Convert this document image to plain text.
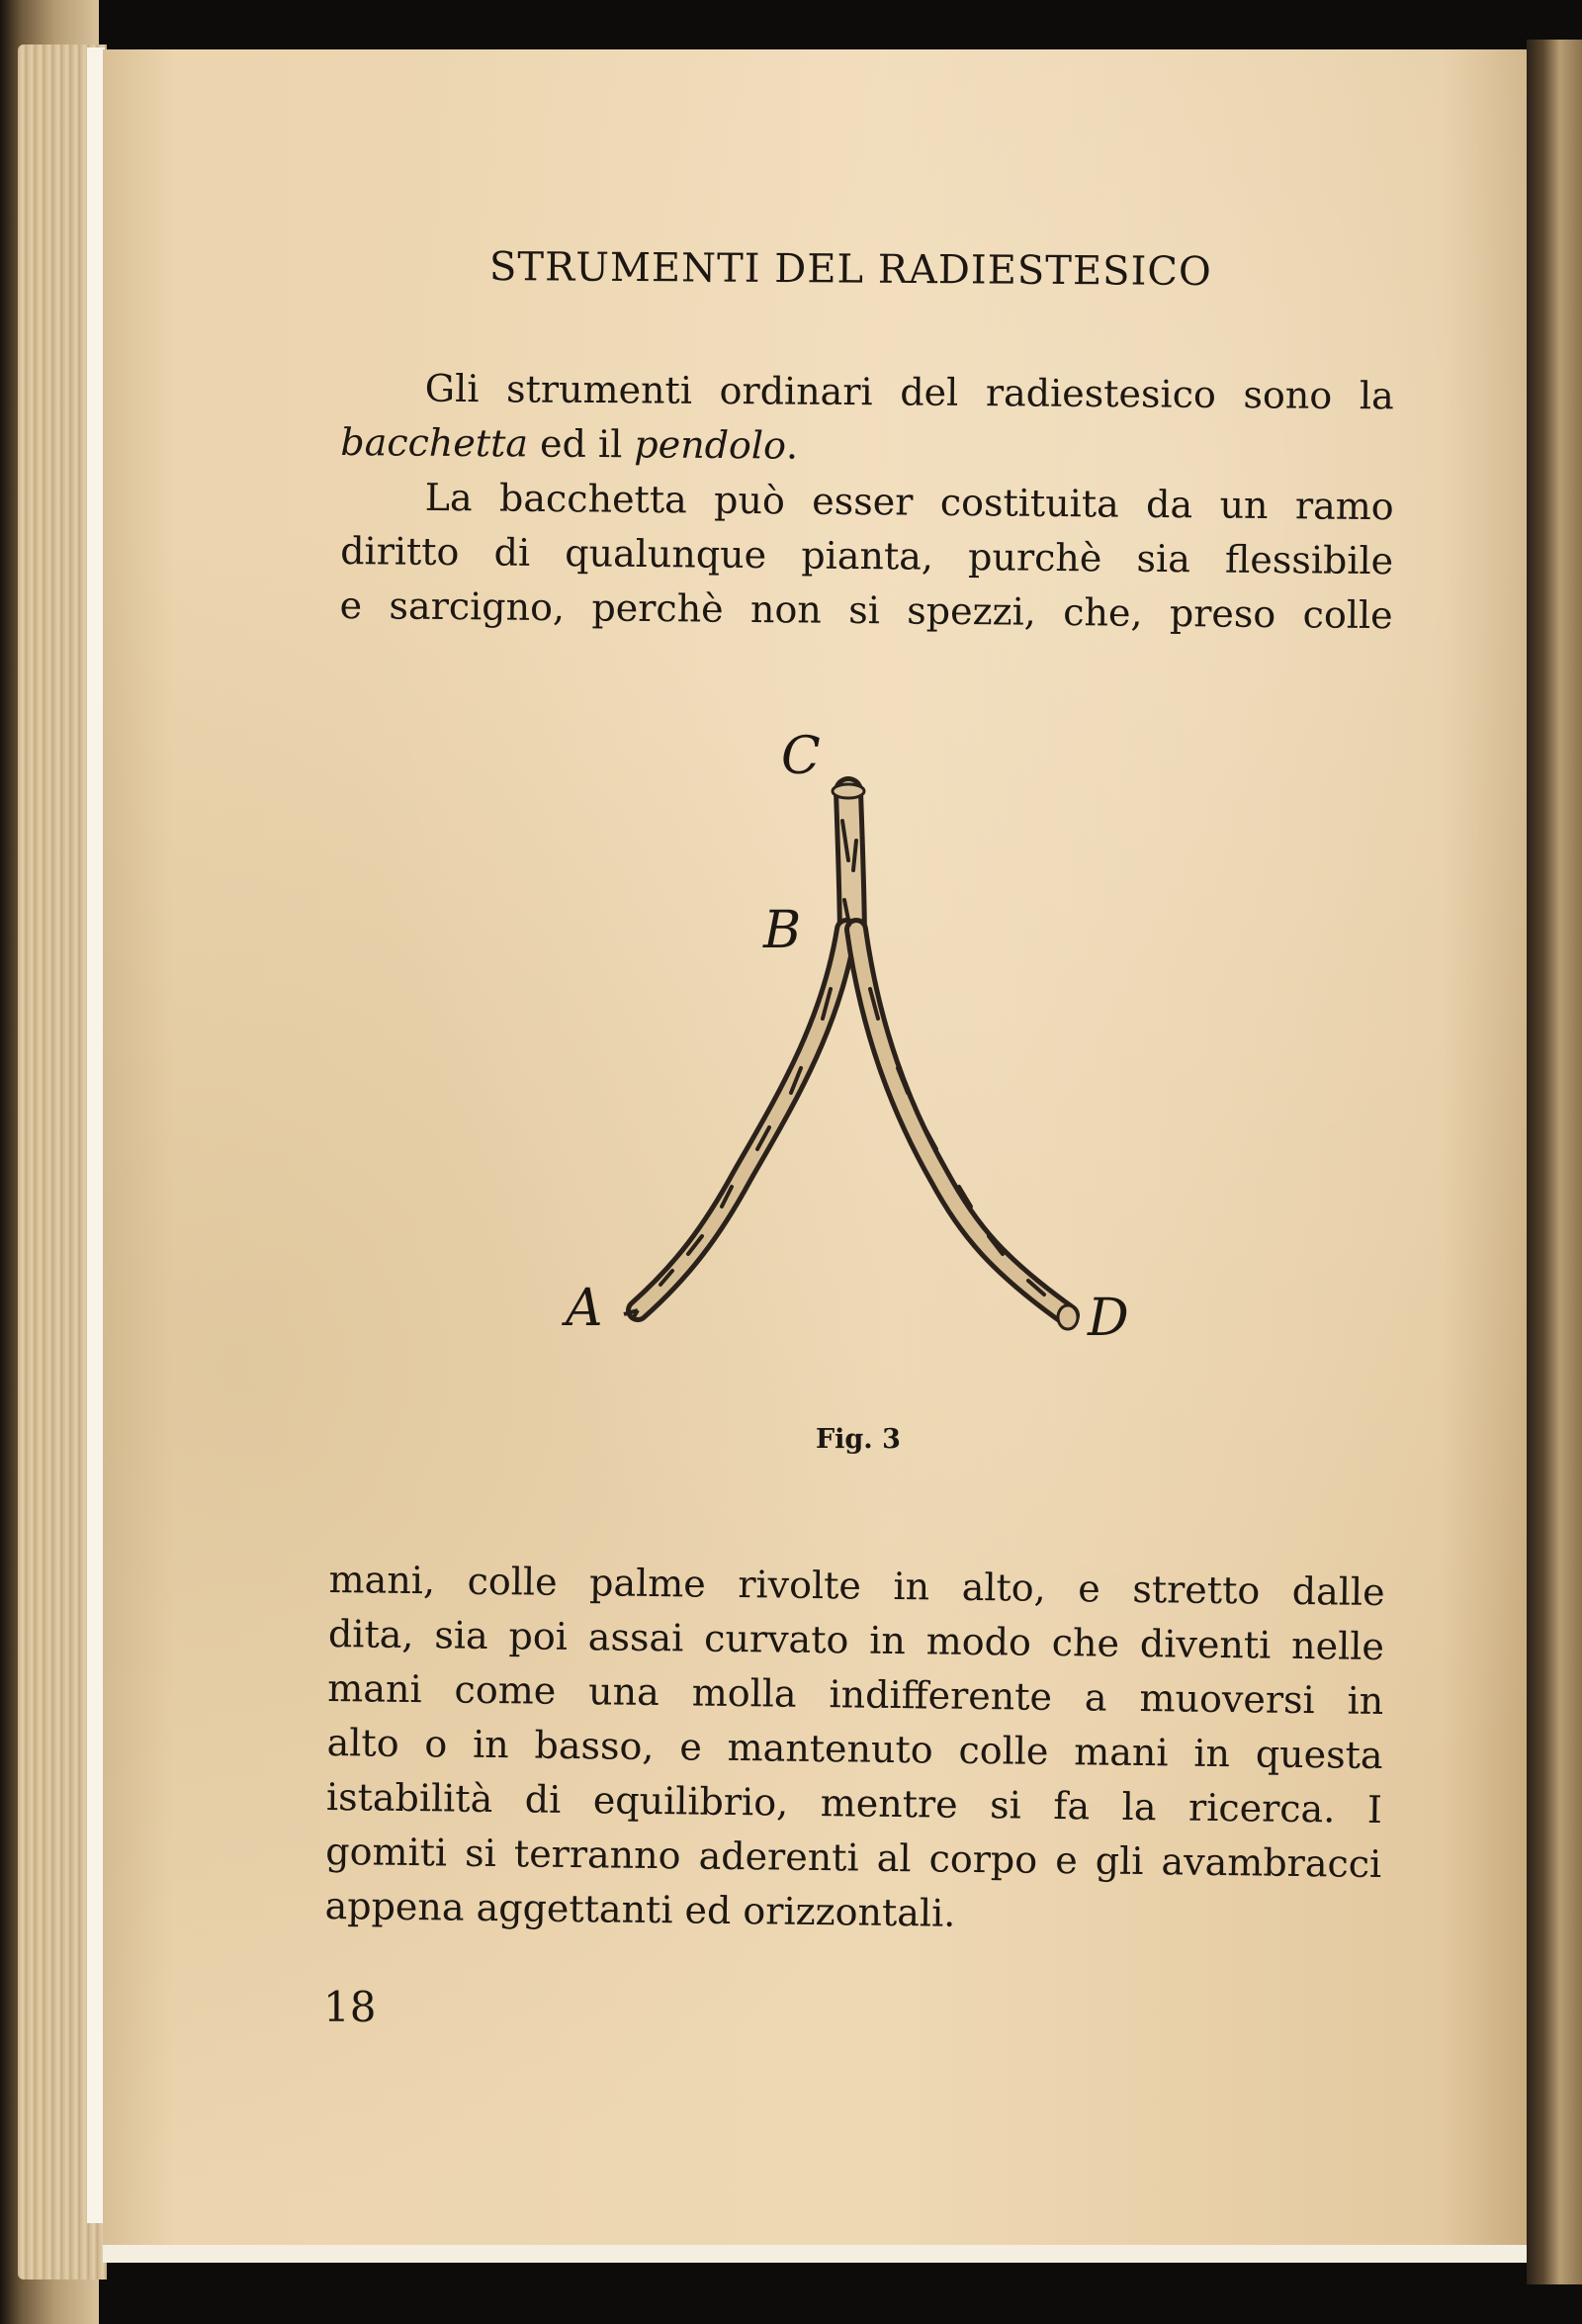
STRUMENTI DEL RADIESTESICO
Gli strumenti ordinari del radiestesico sono la
bacchetta ed il pendolo.
La bacchetta può esser costituita da un ramo
diritto di qualunque pianta, purchè sia flessibile
e sarcigno, perchè non si spezzi, che, preso colle
C
B
A	D
Fig. 3
mani, colle palme rivolte in alto, e stretto dalle
dita, sia poi assai curvato in modo che diventi nelle
mani come una molla indifferente a muoversi in
alto o in basso, e mantenuto colle mani in questa
istabilità di equilibrio, mentre si fa la ricerca. I
gomiti si terranno aderenti al corpo e gli avambracci
appena aggettanti ed orizzontali.
18
